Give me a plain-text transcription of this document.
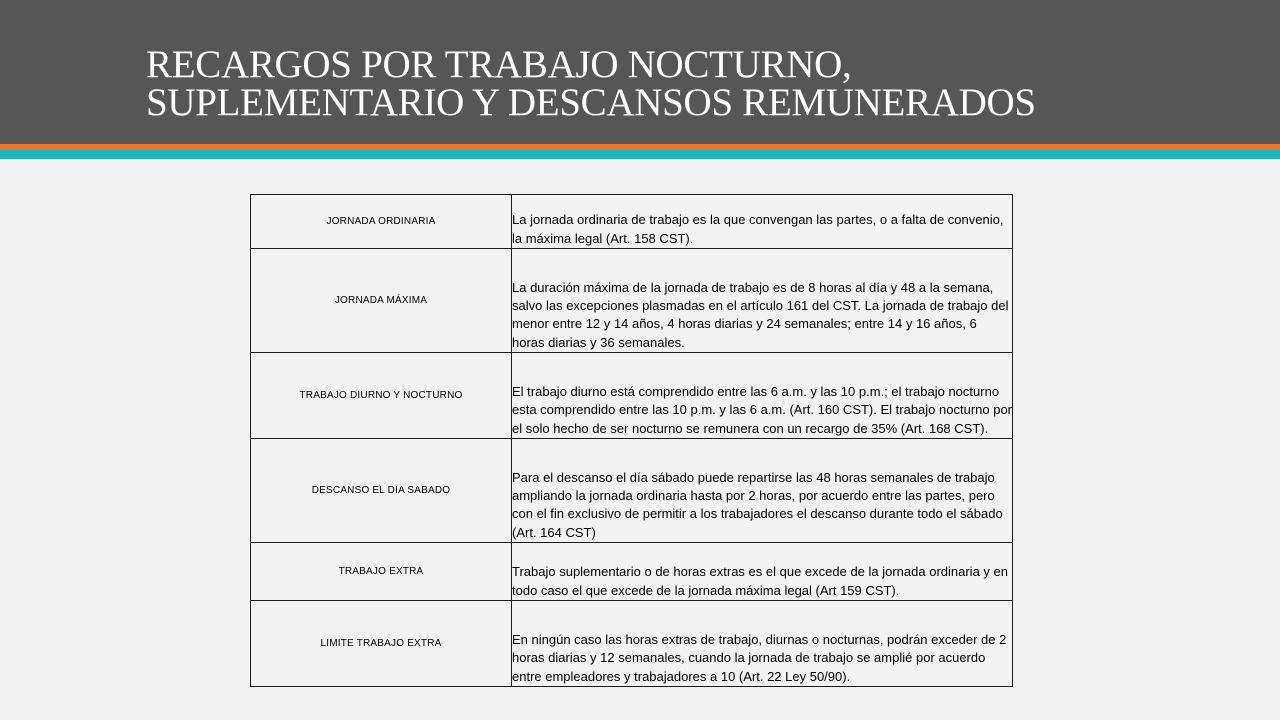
RECARGOS POR TRABAJO NOCTURNO,
SUPLEMENTARIO Y DESCANSOS REMUNERADOS
JORNADA ORDINARIA	La jornada ordinaria de trabajo es la que convengan las partes, o a falta de convenio, la máxima legal (Art. 158 CST).
JORNADA MÁXIMA	La duración máxima de la jornada de trabajo es de 8 horas al día y 48 a la semana, salvo las excepciones plasmadas en el artículo 161 del CST. La jornada de trabajo del menor entre 12 y 14 años, 4 horas diarias y 24 semanales; entre 14 y 16 años, 6 horas diarias y 36 semanales.
TRABAJO DIURNO Y NOCTURNO	El trabajo diurno está comprendido entre las 6 a.m. y las 10 p.m.; el trabajo nocturno esta comprendido entre las 10 p.m. y las 6 a.m. (Art. 160 CST). El trabajo nocturno por el solo hecho de ser nocturno se remunera con un recargo de 35% (Art. 168 CST).
DESCANSO EL DIA SABADO	Para el descanso el día sábado puede repartirse las 48 horas semanales de trabajo ampliando la jornada ordinaria hasta por 2 horas, por acuerdo entre las partes, pero con el fin exclusivo de permitir a los trabajadores el descanso durante todo el sábado (Art. 164 CST)
TRABAJO EXTRA	Trabajo suplementario o de horas extras es el que excede de la jornada ordinaria y en todo caso el que excede de la jornada máxima legal (Art 159 CST).
LIMITE TRABAJO EXTRA	En ningún caso las horas extras de trabajo, diurnas o nocturnas, podrán exceder de 2 horas diarias y 12 semanales, cuando la jornada de trabajo se amplié por acuerdo entre empleadores y trabajadores a 10 (Art. 22 Ley 50/90).
